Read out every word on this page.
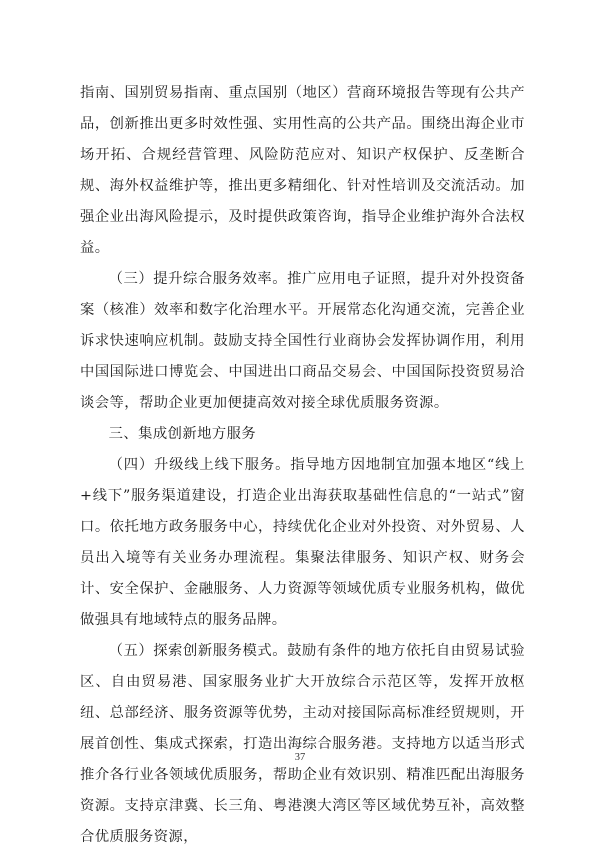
指南、国别贸易指南、重点国别（地区）营商环境报告等现有公共产品，创新推出更多时效性强、实用性高的公共产品。围绕出海企业市场开拓、合规经营管理、风险防范应对、知识产权保护、反垄断合规、海外权益维护等，推出更多精细化、针对性培训及交流活动。加强企业出海风险提示，及时提供政策咨询，指导企业维护海外合法权益。

（三）提升综合服务效率。推广应用电子证照，提升对外投资备案（核准）效率和数字化治理水平。开展常态化沟通交流，完善企业诉求快速响应机制。鼓励支持全国性行业商协会发挥协调作用，利用中国国际进口博览会、中国进出口商品交易会、中国国际投资贸易洽谈会等，帮助企业更加便捷高效对接全球优质服务资源。

三、集成创新地方服务

（四）升级线上线下服务。指导地方因地制宜加强本地区“线上+线下”服务渠道建设，打造企业出海获取基础性信息的“一站式”窗口。依托地方政务服务中心，持续优化企业对外投资、对外贸易、人员出入境等有关业务办理流程。集聚法律服务、知识产权、财务会计、安全保护、金融服务、人力资源等领域优质专业服务机构，做优做强具有地域特点的服务品牌。

（五）探索创新服务模式。鼓励有条件的地方依托自由贸易试验区、自由贸易港、国家服务业扩大开放综合示范区等，发挥开放枢纽、总部经济、服务资源等优势，主动对接国际高标准经贸规则，开展首创性、集成式探索，打造出海综合服务港。支持地方以适当形式推介各行业各领域优质服务，帮助企业有效识别、精准匹配出海服务资源。支持京津冀、长三角、粤港澳大湾区等区域优势互补，高效整合优质服务资源，

37
